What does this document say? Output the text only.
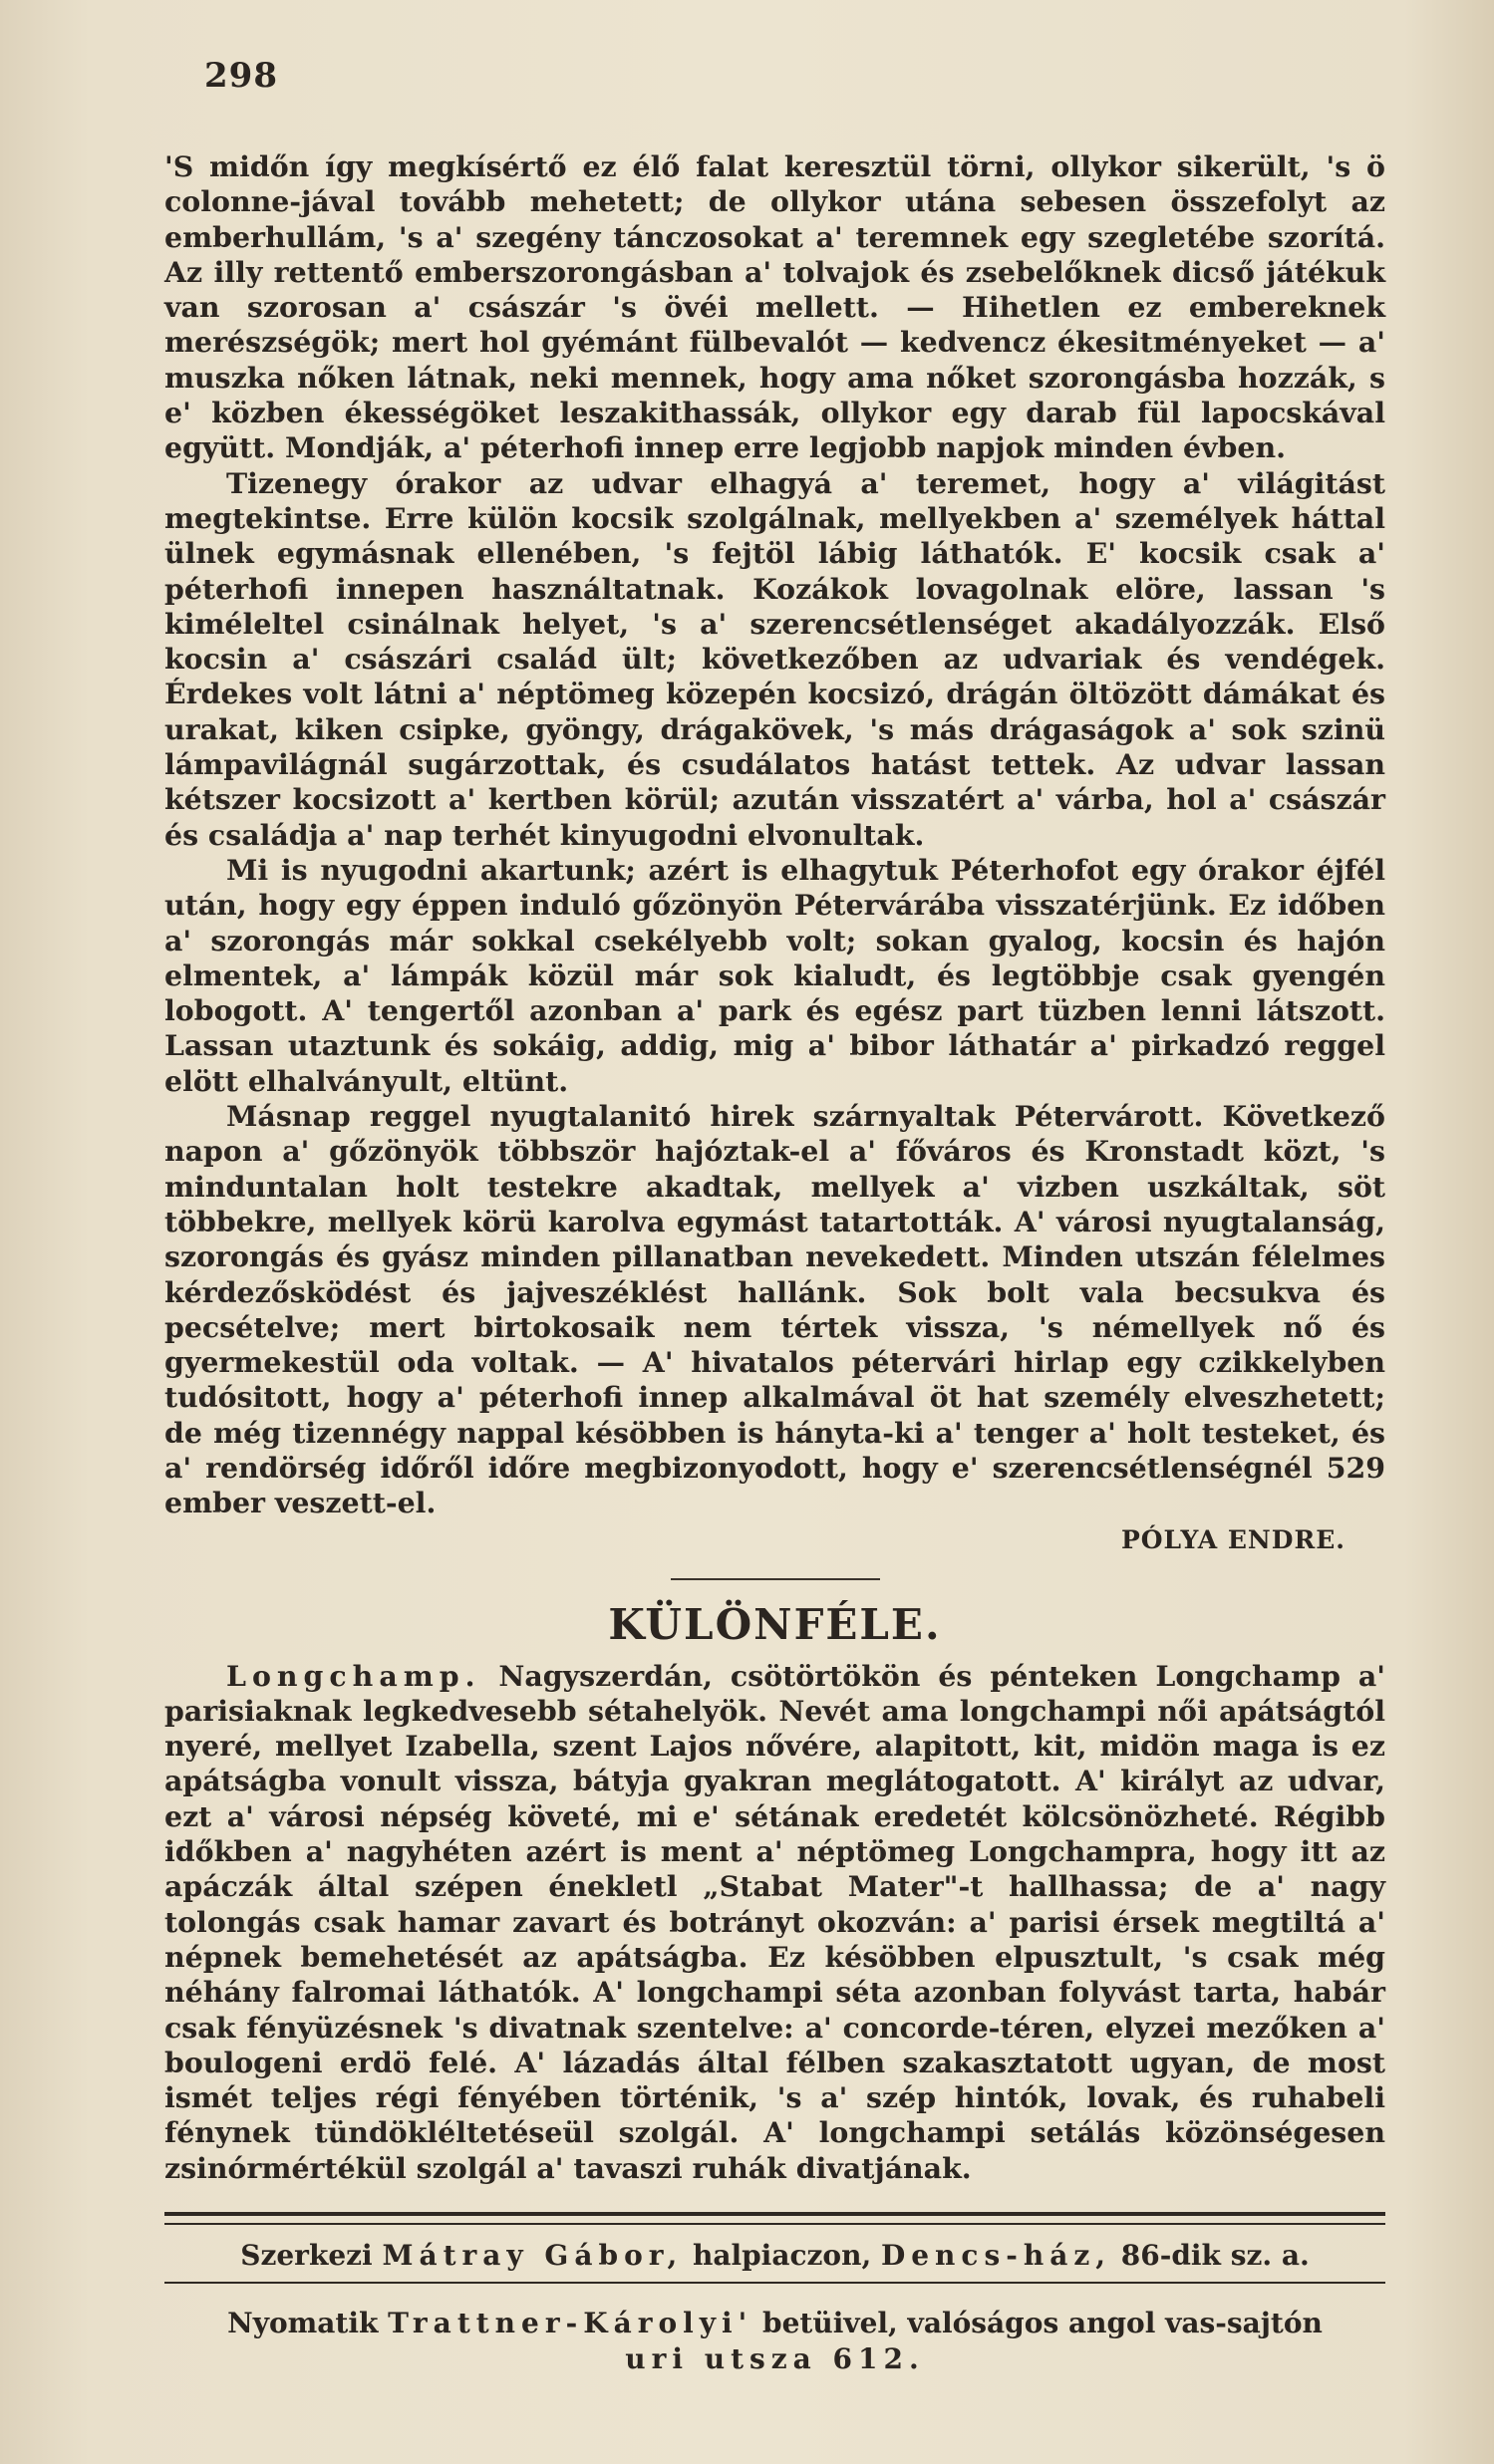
298

'S midőn így megkísértő ez élő falat keresztül törni, ollykor sikerült, 's ö colonne-jával tovább mehetett; de ollykor utána sebesen összefolyt az emberhullám, 's a' szegény tánczosokat a' teremnek egy szegletébe szorítá. Az illy rettentő emberszorongásban a' tolvajok és zsebelőknek dicső játékuk van szorosan a' császár 's övéi mellett. — Hihetlen ez embereknek merészségök; mert hol gyémánt fülbevalót — kedvencz ékesitményeket — a' muszka nőken látnak, neki mennek, hogy ama nőket szorongásba hozzák, s e' közben ékességöket leszakithassák, ollykor egy darab fül lapocskával együtt. Mondják, a' péterhofi innep erre legjobb napjok minden évben.

Tizenegy órakor az udvar elhagyá a' teremet, hogy a' világitást megtekintse. Erre külön kocsik szolgálnak, mellyekben a' személyek háttal ülnek egymásnak ellenében, 's fejtöl lábig láthatók. E' kocsik csak a' péterhofi innepen használtatnak. Kozákok lovagolnak elöre, lassan 's kiméleltel csinálnak helyet, 's a' szerencsétlenséget akadályozzák. Első kocsin a' császári család ült; következőben az udvariak és vendégek. Érdekes volt látni a' néptömeg közepén kocsizó, drágán öltözött dámákat és urakat, kiken csipke, gyöngy, drágakövek, 's más drágaságok a' sok szinü lámpavilágnál sugárzottak, és csudálatos hatást tettek. Az udvar lassan kétszer kocsizott a' kertben körül; azután visszatért a' várba, hol a' császár és családja a' nap terhét kinyugodni elvonultak.

Mi is nyugodni akartunk; azért is elhagytuk Péterhofot egy órakor éjfél után, hogy egy éppen induló gőzönyön Pétervárába visszatérjünk. Ez időben a' szorongás már sokkal csekélyebb volt; sokan gyalog, kocsin és hajón elmentek, a' lámpák közül már sok kialudt, és legtöbbje csak gyengén lobogott. A' tengertől azonban a' park és egész part tüzben lenni látszott. Lassan utaztunk és sokáig, addig, mig a' bibor láthatár a' pirkadzó reggel elött elhalványult, eltünt.

Másnap reggel nyugtalanitó hirek szárnyaltak Pétervárott. Következő napon a' gőzönyök többször hajóztak-el a' főváros és Kronstadt közt, 's minduntalan holt testekre akadtak, mellyek a' vizben uszkáltak, söt többekre, mellyek körü karolva egymást tatartották. A' városi nyugtalanság, szorongás és gyász minden pillanatban nevekedett. Minden utszán félelmes kérdezősködést és jajveszéklést hallánk. Sok bolt vala becsukva és pecsételve; mert birtokosaik nem tértek vissza, 's némellyek nő és gyermekestül oda voltak. — A' hivatalos pétervári hirlap egy czikkelyben tudósitott, hogy a' péterhofi innep alkalmával öt hat személy elveszhetett; de még tizennégy nappal késöbben is hányta-ki a' tenger a' holt testeket, és a' rendörség időről időre megbizonyodott, hogy e' szerencsétlenségnél 529 ember veszett-el.

PÓLYA ENDRE.
KÜLÖNFÉLE.

Longchamp. Nagyszerdán, csötörtökön és pénteken Longchamp a' parisiaknak legkedvesebb sétahelyök. Nevét ama longchampi női apátságtól nyeré, mellyet Izabella, szent Lajos nővére, alapitott, kit, midön maga is ez apátságba vonult vissza, bátyja gyakran meglátogatott. A' királyt az udvar, ezt a' városi népség követé, mi e' sétának eredetét kölcsönözheté. Régibb időkben a' nagyhéten azért is ment a' néptömeg Longchampra, hogy itt az apáczák által szépen énekletl „Stabat Mater"-t hallhassa; de a' nagy tolongás csak hamar zavart és botrányt okozván: a' parisi érsek megtiltá a' népnek bemehetését az apátságba. Ez késöbben elpusztult, 's csak még néhány falromai láthatók. A' longchampi séta azonban folyvást tarta, habár csak fényüzésnek 's divatnak szentelve: a' concorde-téren, elyzei mezőken a' boulogeni erdö felé. A' lázadás által félben szakasztatott ugyan, de most ismét teljes régi fényében történik, 's a' szép hintók, lovak, és ruhabeli fénynek tündökléltetéseül szolgál. A' longchampi setálás közönségesen zsinórmértékül szolgál a' tavaszi ruhák divatjának.

Szerkezi Mátray Gábor, halpiaczon, Dencs-ház, 86-dik sz. a.

Nyomatik Trattner-Károlyi' betüivel, valóságos angol vas-sajtón
uri utsza 612.
